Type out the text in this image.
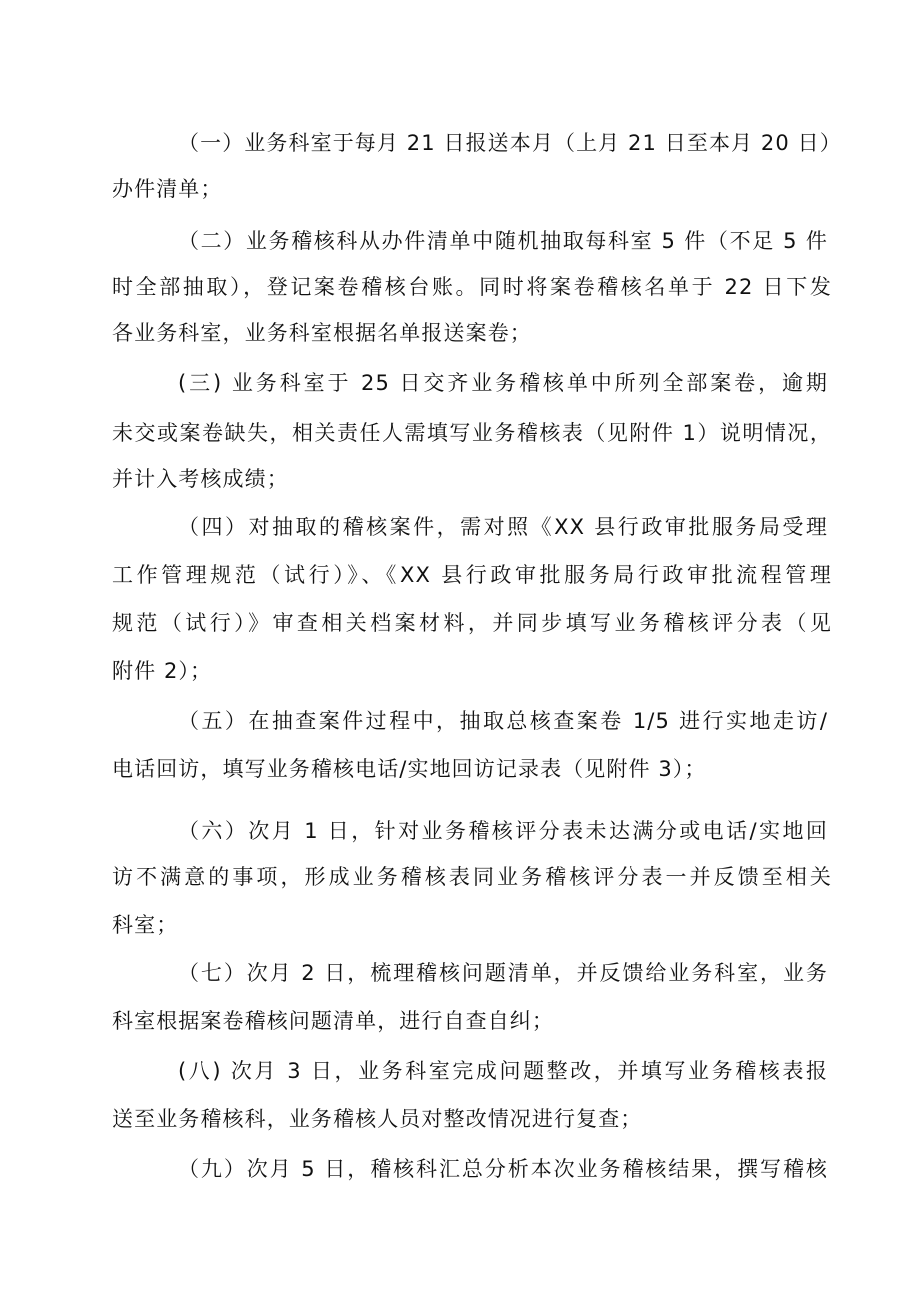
（一）业务科室于每月 21 日报送本月（上月 21 日至本月 20 日）

办件清单；

（二）业务稽核科从办件清单中随机抽取每科室 5 件（不足 5 件

时全部抽取），登记案卷稽核台账。同时将案卷稽核名单于 22 日下发

各业务科室，业务科室根据名单报送案卷；

(三) 业务科室于 25 日交齐业务稽核单中所列全部案卷，逾期

未交或案卷缺失，相关责任人需填写业务稽核表（见附件 1）说明情况，

并计入考核成绩；

（四）对抽取的稽核案件，需对照《XX 县行政审批服务局受理

工作管理规范（试行）》、《XX 县行政审批服务局行政审批流程管理

规范（试行）》审查相关档案材料，并同步填写业务稽核评分表（见

附件 2）；

（五）在抽查案件过程中，抽取总核查案卷 1/5 进行实地走访/

电话回访，填写业务稽核电话/实地回访记录表（见附件 3）；

（六）次月 1 日，针对业务稽核评分表未达满分或电话/实地回

访不满意的事项，形成业务稽核表同业务稽核评分表一并反馈至相关

科室；

（七）次月 2 日，梳理稽核问题清单，并反馈给业务科室，业务

科室根据案卷稽核问题清单，进行自查自纠；

(八) 次月 3 日，业务科室完成问题整改，并填写业务稽核表报

送至业务稽核科，业务稽核人员对整改情况进行复查；

（九）次月 5 日，稽核科汇总分析本次业务稽核结果，撰写稽核
